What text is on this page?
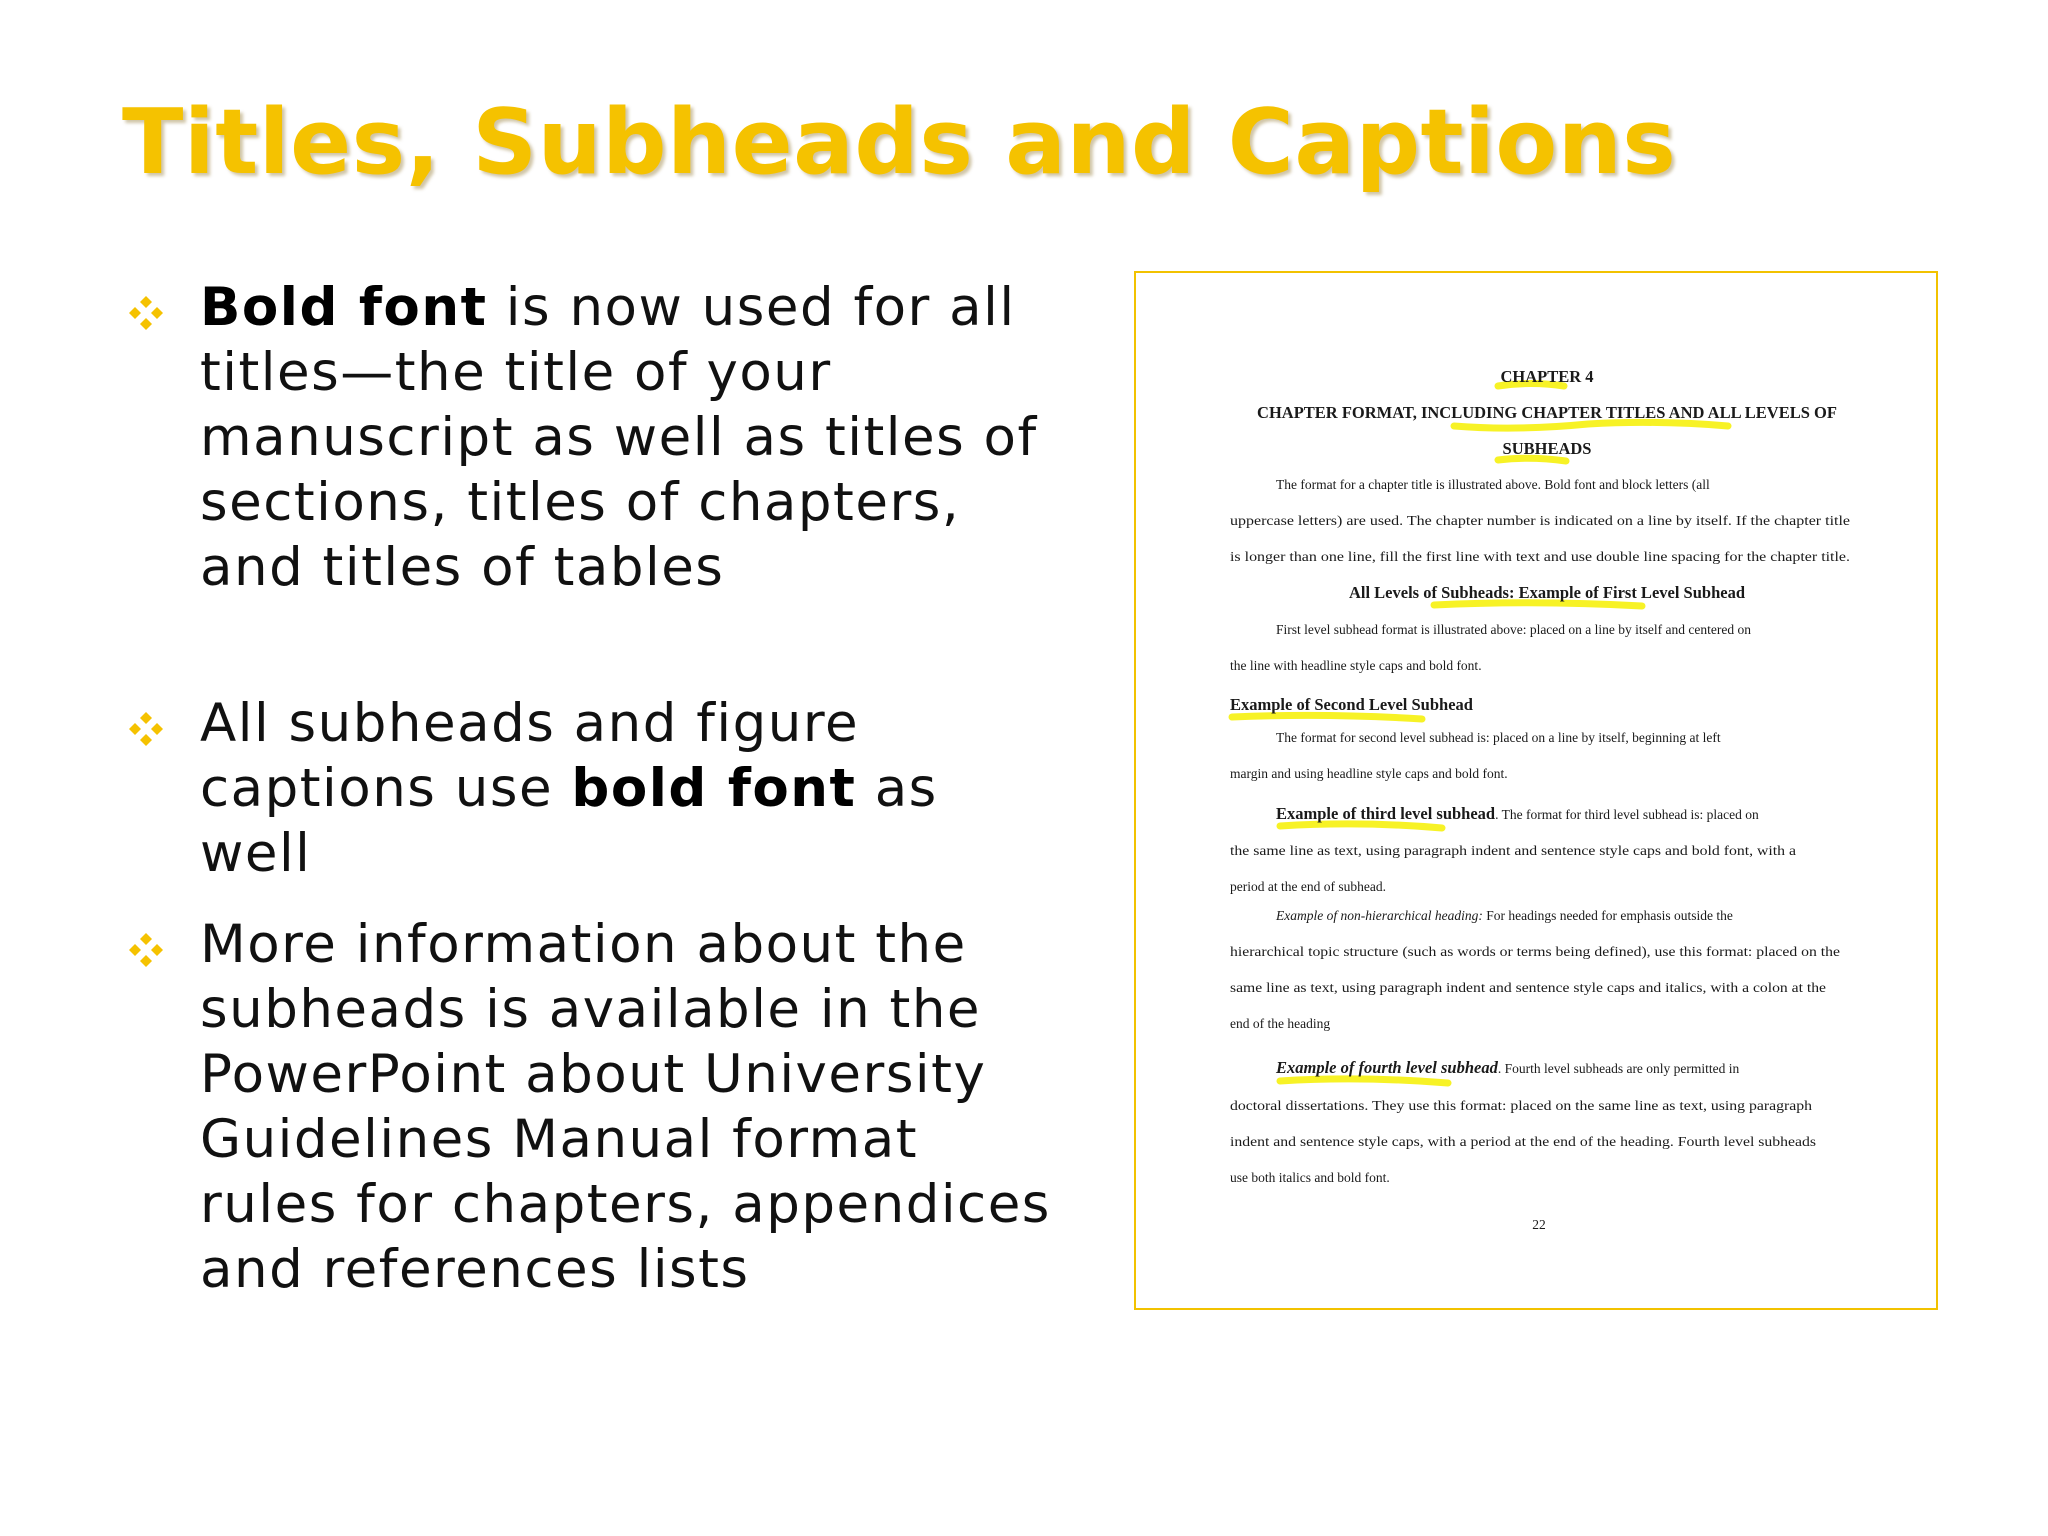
Titles, Subheads and Captions

Bold font is now used for all titles—the title of your manuscript as well as titles of sections, titles of chapters, and titles of tables

All subheads and figure captions use bold font as well

More information about the subheads is available in the PowerPoint about University Guidelines Manual format rules for chapters, appendices and references lists

CHAPTER 4
CHAPTER FORMAT, INCLUDING CHAPTER TITLES AND ALL LEVELS OF
SUBHEADS
The format for a chapter title is illustrated above. Bold font and block letters (all
uppercase letters) are used. The chapter number is indicated on a line by itself. If the chapter title
is longer than one line, fill the first line with text and use double line spacing for the chapter title.
All Levels of Subheads: Example of First Level Subhead
First level subhead format is illustrated above: placed on a line by itself and centered on
the line with headline style caps and bold font.
Example of Second Level Subhead
The format for second level subhead is: placed on a line by itself, beginning at left
margin and using headline style caps and bold font.
Example of third level subhead. The format for third level subhead is: placed on
the same line as text, using paragraph indent and sentence style caps and bold font, with a
period at the end of subhead.
Example of non-hierarchical heading: For headings needed for emphasis outside the
hierarchical topic structure (such as words or terms being defined), use this format: placed on the
same line as text, using paragraph indent and sentence style caps and italics, with a colon at the
end of the heading
Example of fourth level subhead. Fourth level subheads are only permitted in
doctoral dissertations. They use this format: placed on the same line as text, using paragraph
indent and sentence style caps, with a period at the end of the heading. Fourth level subheads
use both italics and bold font.
22
